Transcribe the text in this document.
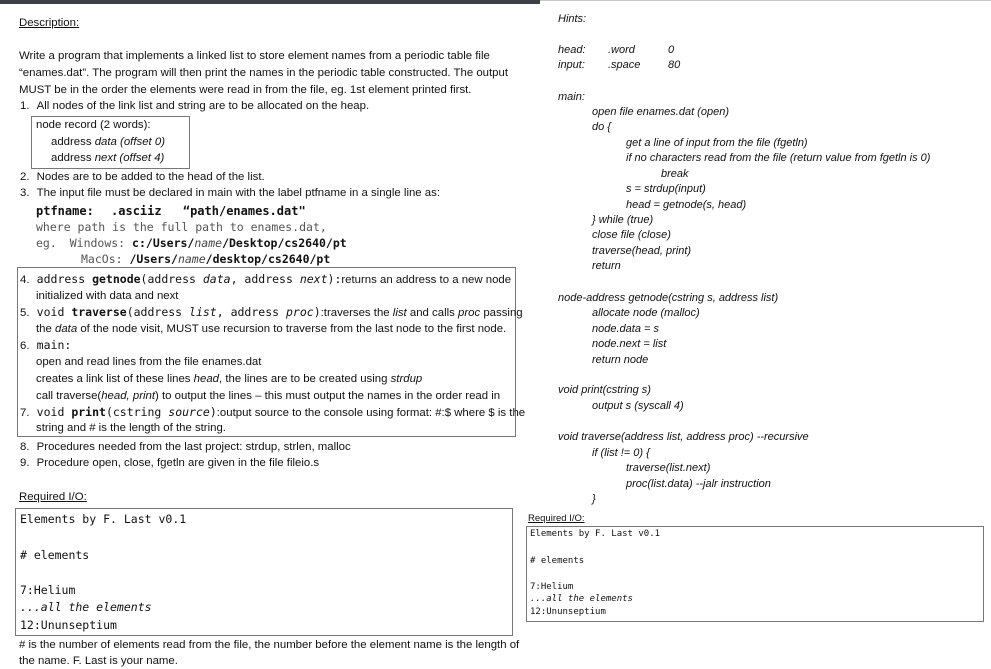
Description:
Write a program that implements a linked list to store element names from a periodic table file
“enames.dat”. The program will then print the names in the periodic table constructed. The output
MUST be in the order the elements were read in from the file, eg. 1st element printed first.
1. All nodes of the link list and string are to be allocated on the heap.
node record (2 words):
address data (offset 0)
address next (offset 4)
2. Nodes are to be added to the head of the list.
3. The input file must be declared in main with the label ptfname in a single line as:
ptfname: .asciiz “path/enames.dat"
where path is the full path to enames.dat,
eg. Windows: c:/Users/name/Desktop/cs2640/pt
MacOs: /Users/name/desktop/cs2640/pt
4. address getnode(address data, address next):returns an address to a new node
initialized with data and next
5. void traverse(address list, address proc):traverses the list and calls proc passing
the data of the node visit, MUST use recursion to traverse from the last node to the first node.
6. main:
open and read lines from the file enames.dat
creates a link list of these lines head, the lines are to be created using strdup
call traverse(head, print) to output the lines – this must output the names in the order read in
7. void print(cstring source):output source to the console using format: #:$ where $ is the
string and # is the length of the string.
8. Procedures needed from the last project: strdup, strlen, malloc
9. Procedure open, close, fgetln are given in the file fileio.s
Required I/O:
Elements by F. Last v0.1
# elements
7:Helium
...all the elements
12:Ununseptium
# is the number of elements read from the file, the number before the element name is the length of
the name. F. Last is your name.
Hints:
head: .word	0
input: .space	80
main:
open file enames.dat (open)
do {
get a line of input from the file (fgetln)
if no characters read from the file (return value from fgetln is 0)
break
s = strdup(input)
head = getnode(s, head)
} while (true)
close file (close)
traverse(head, print)
return
node-address getnode(cstring s, address list)
allocate node (malloc)
node.data = s
node.next = list
return node
void print(cstring s)
output s (syscall 4)
void traverse(address list, address proc) --recursive
if (list != 0) {
traverse(list.next)
proc(list.data) --jalr instruction
}
Required I/O:
Elements by F. Last v0.1
# elements
7:Helium
...all the elements
12:Ununseptium
